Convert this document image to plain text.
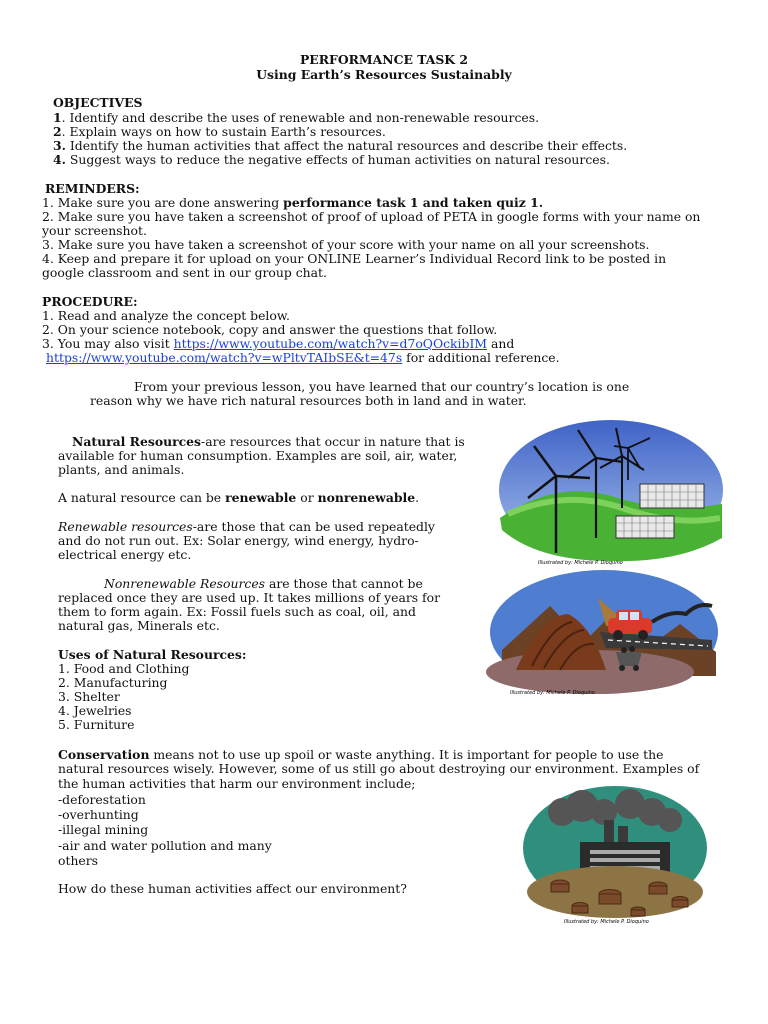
PERFORMANCE TASK 2
Using Earth’s Resources Sustainably
OBJECTIVES
1. Identify and describe the uses of renewable and non-renewable resources.
2. Explain ways on how to sustain Earth’s resources.
3. Identify the human activities that affect the natural resources and describe their effects.
4. Suggest ways to reduce the negative effects of human activities on natural resources.
REMINDERS:
1. Make sure you are done answering performance task 1 and taken quiz 1.
2. Make sure you have taken a screenshot of proof of upload of PETA in google forms with your name on
your screenshot.
3. Make sure you have taken a screenshot of your score with your name on all your screenshots.
4. Keep and prepare it for upload on your ONLINE Learner’s Individual Record link to be posted in
google classroom and sent in our group chat.
PROCEDURE:
1. Read and analyze the concept below.
2. On your science notebook, copy and answer the questions that follow.
3. You may also visit https://www.youtube.com/watch?v=d7oQOckibIM and
https://www.youtube.com/watch?v=wPltvTAIbSE&t=47s for additional reference.
From your previous lesson, you have learned that our country’s location is one
reason why we have rich natural resources both in land and in water.
Natural Resources-are resources that occur in nature that is
available for human consumption. Examples are soil, air, water,
plants, and animals.
A natural resource can be renewable or nonrenewable.
Renewable resources-are those that can be used repeatedly
and do not run out. Ex: Solar energy, wind energy, hydro-
electrical energy etc.
Nonrenewable Resources are those that cannot be
replaced once they are used up. It takes millions of years for
them to form again. Ex: Fossil fuels such as coal, oil, and
natural gas, Minerals etc.
Uses of Natural Resources:
1. Food and Clothing
2. Manufacturing
3. Shelter
4. Jewelries
5. Furniture
Conservation means not to use up spoil or waste anything. It is important for people to use the
natural resources wisely. However, some of us still go about destroying our environment. Examples of
the human activities that harm our environment include;
-deforestation
-overhunting
-illegal mining
-air and water pollution and many
others
How do these human activities affect our environment?
Illustrated by: Michele P. Dioquino
Illustrated by: Michele P. Dioquino
Illustrated by: Michele P. Dioquino
